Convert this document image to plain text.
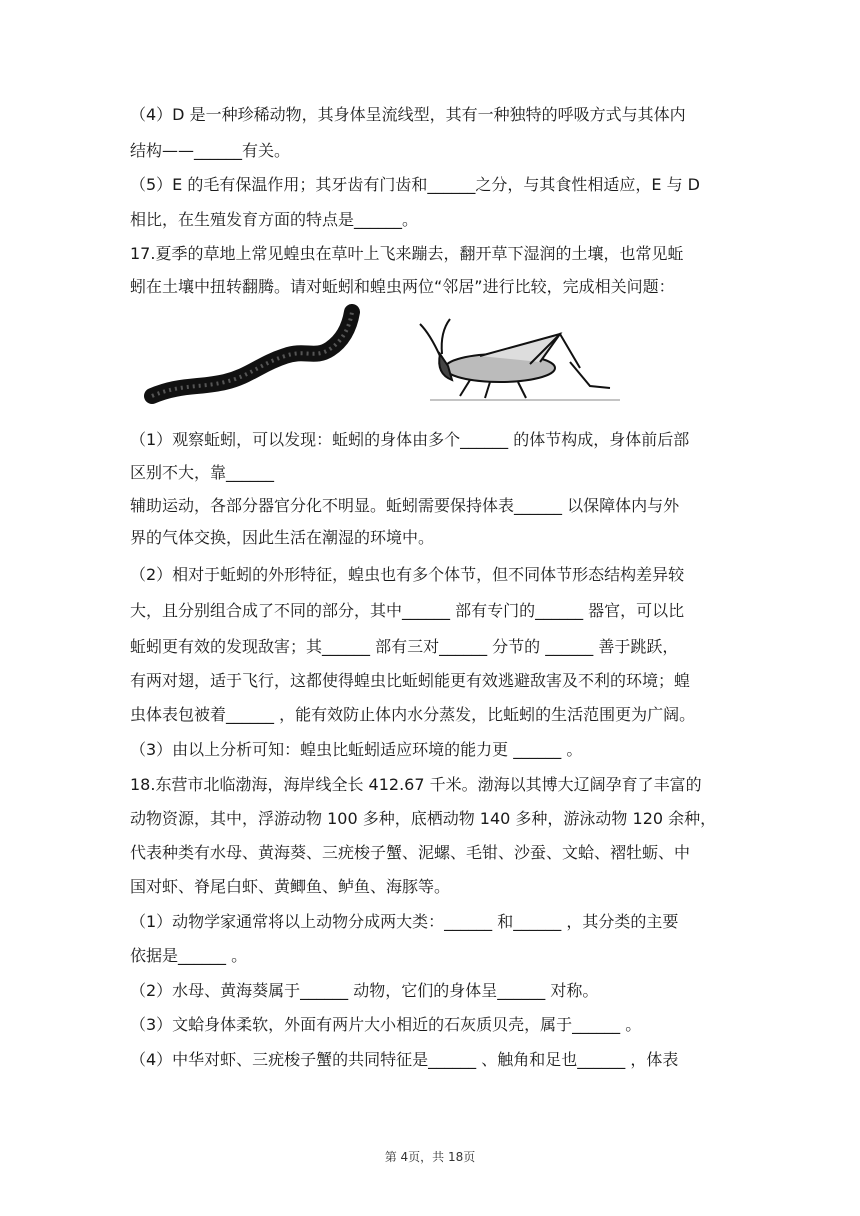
（4）D 是一种珍稀动物，其身体呈流线型，其有一种独特的呼吸方式与其体内
结构——______有关。
（5）E 的毛有保温作用；其牙齿有门齿和______之分，与其食性相适应，E 与 D
相比，在生殖发育方面的特点是______。
17.夏季的草地上常见蝗虫在草叶上飞来蹦去，翻开草下湿润的土壤，也常见蚯
蚓在土壤中扭转翻腾。请对蚯蚓和蝗虫两位“邻居”进行比较，完成相关问题：
（1）观察蚯蚓，可以发现：蚯蚓的身体由多个______ 的体节构成，身体前后部
区别不大，靠______
辅助运动，各部分器官分化不明显。蚯蚓需要保持体表______ 以保障体内与外
界的气体交换，因此生活在潮湿的环境中。
（2）相对于蚯蚓的外形特征，蝗虫也有多个体节，但不同体节形态结构差异较
大，且分别组合成了不同的部分，其中______ 部有专门的______ 器官，可以比
蚯蚓更有效的发现敌害；其______ 部有三对______ 分节的 ______ 善于跳跃，
有两对翅，适于飞行，这都使得蝗虫比蚯蚓能更有效逃避敌害及不利的环境；蝗
虫体表包被着______ ，能有效防止体内水分蒸发，比蚯蚓的生活范围更为广阔。
（3）由以上分析可知：蝗虫比蚯蚓适应环境的能力更 ______ 。
18.东营市北临渤海，海岸线全长 412.67 千米。渤海以其博大辽阔孕育了丰富的
动物资源，其中，浮游动物 100 多种，底栖动物 140 多种，游泳动物 120 余种，
代表种类有水母、黄海葵、三疣梭子蟹、泥螺、毛钳、沙蚕、文蛤、褶牡蛎、中
国对虾、脊尾白虾、黄鲫鱼、鲈鱼、海豚等。
（1）动物学家通常将以上动物分成两大类：______ 和______ ，其分类的主要
依据是______ 。
（2）水母、黄海葵属于______ 动物，它们的身体呈______ 对称。
（3）文蛤身体柔软，外面有两片大小相近的石灰质贝壳，属于______ 。
（4）中华对虾、三疣梭子蟹的共同特征是______ 、触角和足也______ ，体表
第 4页，共 18页
